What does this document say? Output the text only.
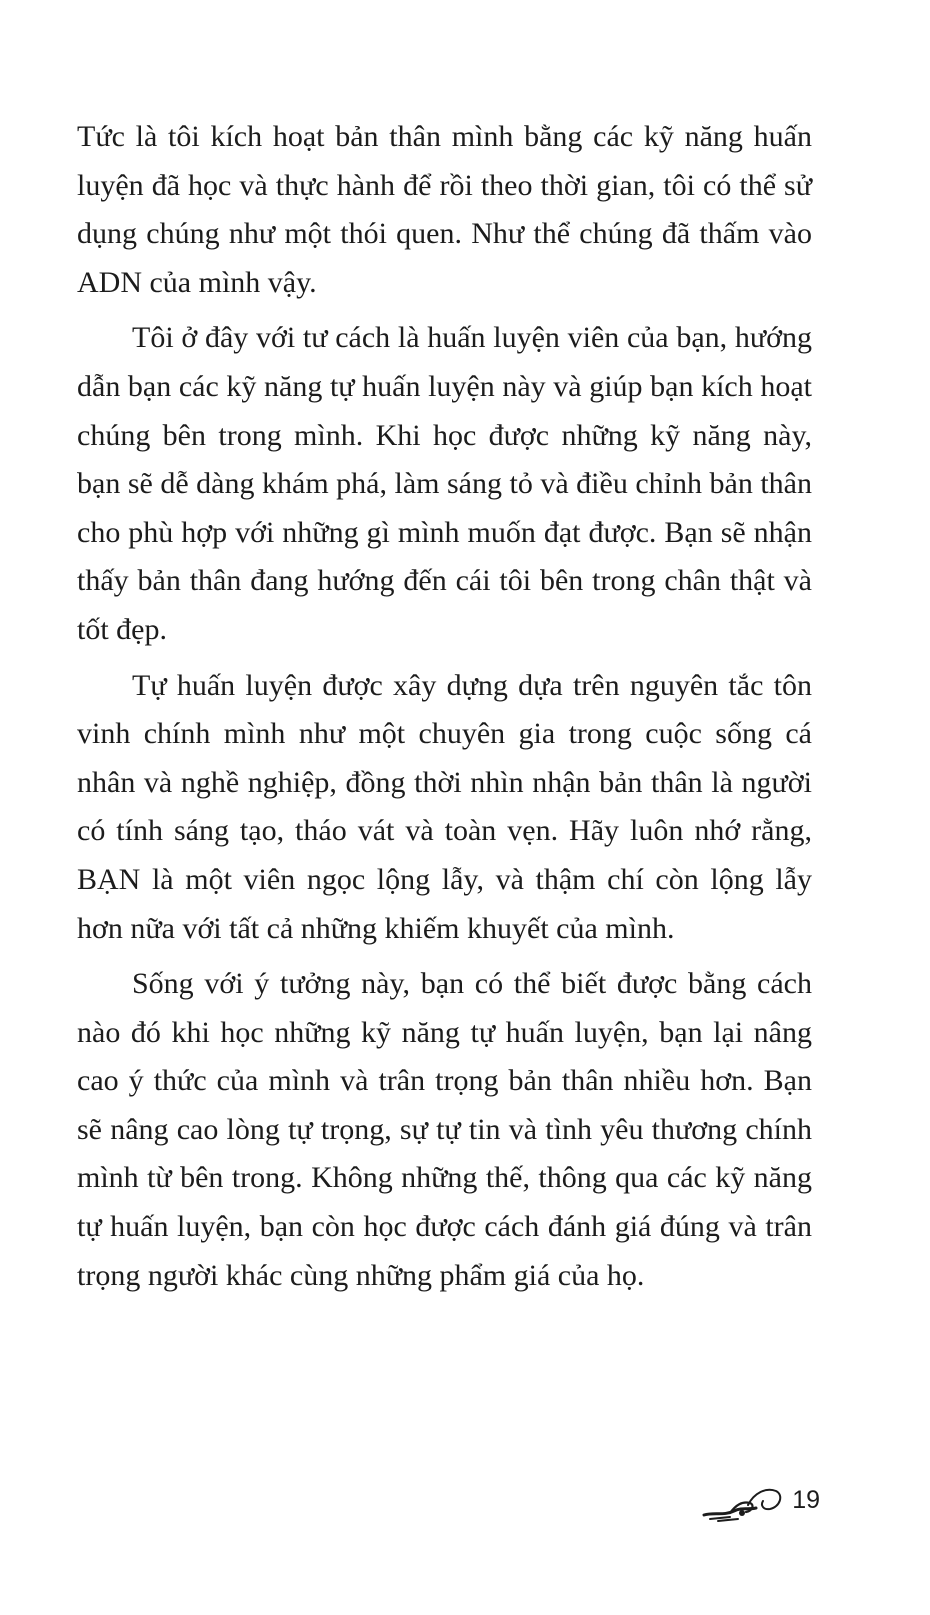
Tức là tôi kích hoạt bản thân mình bằng các kỹ năng huấn luyện đã học và thực hành để rồi theo thời gian, tôi có thể sử dụng chúng như một thói quen. Như thể chúng đã thấm vào ADN của mình vậy.

Tôi ở đây với tư cách là huấn luyện viên của bạn, hướng dẫn bạn các kỹ năng tự huấn luyện này và giúp bạn kích hoạt chúng bên trong mình. Khi học được những kỹ năng này, bạn sẽ dễ dàng khám phá, làm sáng tỏ và điều chỉnh bản thân cho phù hợp với những gì mình muốn đạt được. Bạn sẽ nhận thấy bản thân đang hướng đến cái tôi bên trong chân thật và tốt đẹp.

Tự huấn luyện được xây dựng dựa trên nguyên tắc tôn vinh chính mình như một chuyên gia trong cuộc sống cá nhân và nghề nghiệp, đồng thời nhìn nhận bản thân là người có tính sáng tạo, tháo vát và toàn vẹn. Hãy luôn nhớ rằng, BẠN là một viên ngọc lộng lẫy, và thậm chí còn lộng lẫy hơn nữa với tất cả những khiếm khuyết của mình.

Sống với ý tưởng này, bạn có thể biết được bằng cách nào đó khi học những kỹ năng tự huấn luyện, bạn lại nâng cao ý thức của mình và trân trọng bản thân nhiều hơn. Bạn sẽ nâng cao lòng tự trọng, sự tự tin và tình yêu thương chính mình từ bên trong. Không những thế, thông qua các kỹ năng tự huấn luyện, bạn còn học được cách đánh giá đúng và trân trọng người khác cùng những phẩm giá của họ.

19
